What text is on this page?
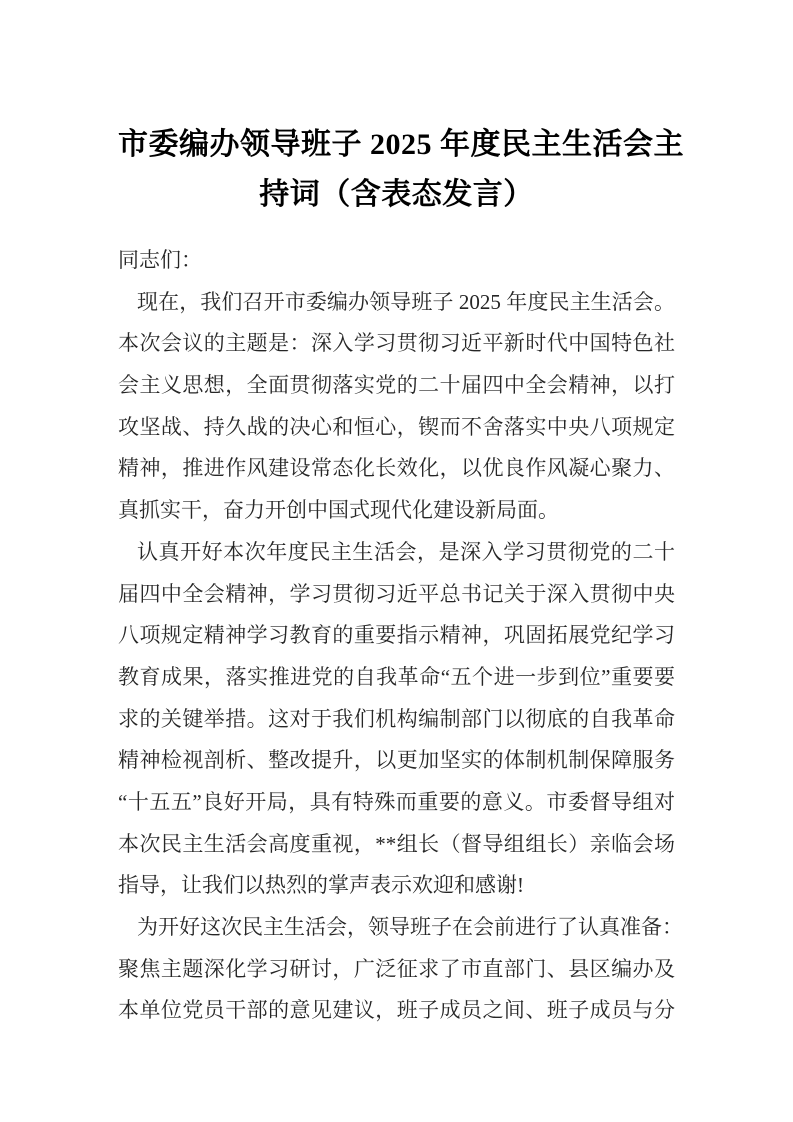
市委编办领导班子 2025 年度民主生活会主
持词（含表态发言）
同志们：
现在，我们召开市委编办领导班子 2025 年度民主生活会。
本次会议的主题是：深入学习贯彻习近平新时代中国特色社
会主义思想，全面贯彻落实党的二十届四中全会精神，以打
攻坚战、持久战的决心和恒心，锲而不舍落实中央八项规定
精神，推进作风建设常态化长效化，以优良作风凝心聚力、
真抓实干，奋力开创中国式现代化建设新局面。
认真开好本次年度民主生活会，是深入学习贯彻党的二十
届四中全会精神，学习贯彻习近平总书记关于深入贯彻中央
八项规定精神学习教育的重要指示精神，巩固拓展党纪学习
教育成果，落实推进党的自我革命“五个进一步到位”重要要
求的关键举措。这对于我们机构编制部门以彻底的自我革命
精神检视剖析、整改提升，以更加坚实的体制机制保障服务
“十五五”良好开局，具有特殊而重要的意义。市委督导组对
本次民主生活会高度重视，**组长（督导组组长）亲临会场
指导，让我们以热烈的掌声表示欢迎和感谢!
为开好这次民主生活会，领导班子在会前进行了认真准备：
聚焦主题深化学习研讨，广泛征求了市直部门、县区编办及
本单位党员干部的意见建议，班子成员之间、班子成员与分
